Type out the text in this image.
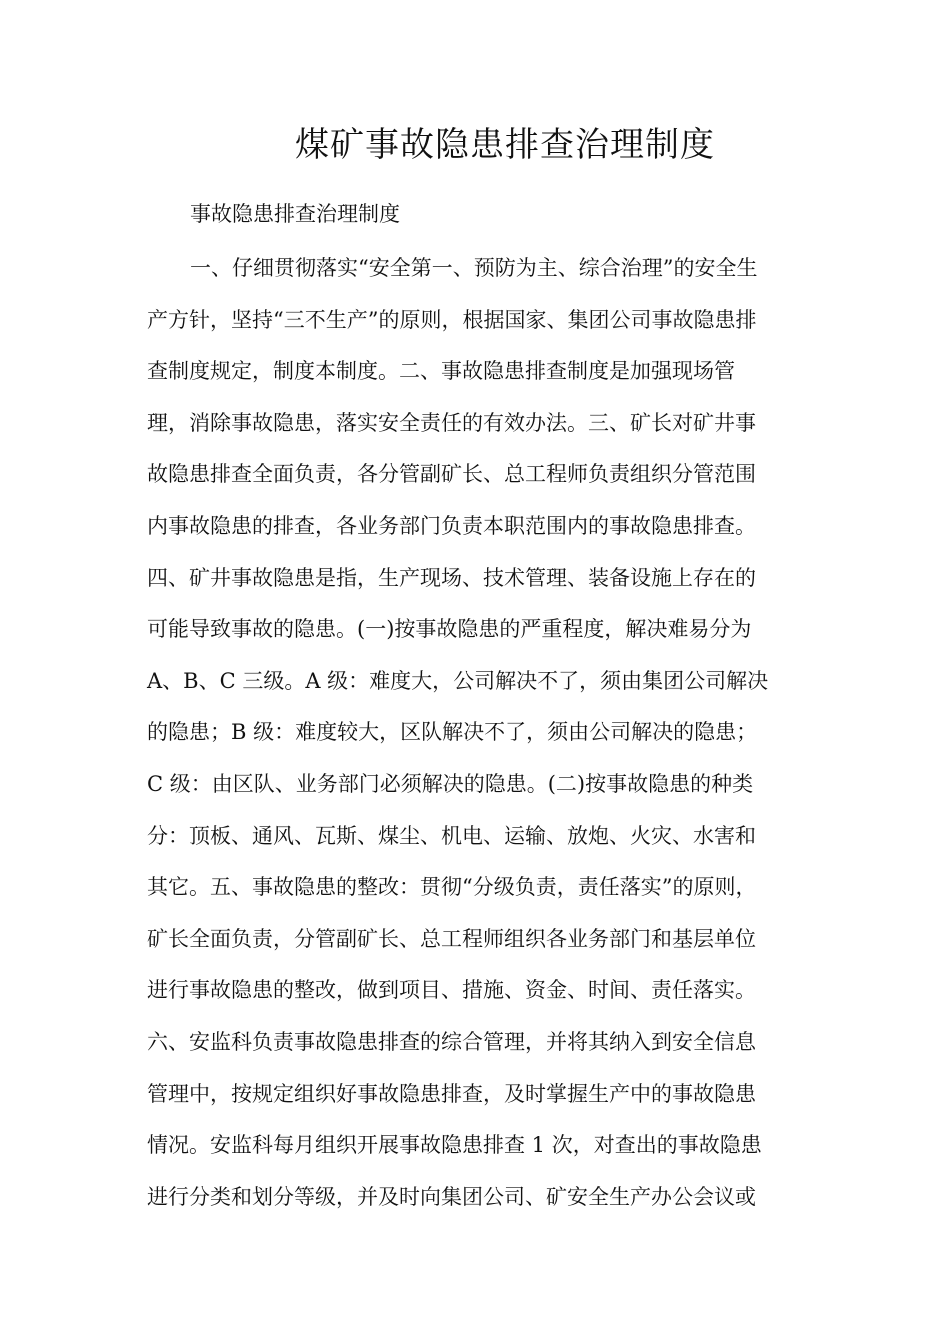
煤矿事故隐患排查治理制度

事故隐患排查治理制度

一、仔细贯彻落实“安全第一、预防为主、综合治理”的安全生
产方针，坚持“三不生产”的原则，根据国家、集团公司事故隐患排
查制度规定，制度本制度。二、事故隐患排查制度是加强现场管
理，消除事故隐患，落实安全责任的有效办法。三、矿长对矿井事
故隐患排查全面负责，各分管副矿长、总工程师负责组织分管范围
内事故隐患的排查，各业务部门负责本职范围内的事故隐患排查。
四、矿井事故隐患是指，生产现场、技术管理、装备设施上存在的
可能导致事故的隐患。(一)按事故隐患的严重程度，解决难易分为
A、B、C 三级。A 级：难度大，公司解决不了，须由集团公司解决
的隐患；B 级：难度较大，区队解决不了，须由公司解决的隐患；
C 级：由区队、业务部门必须解决的隐患。(二)按事故隐患的种类
分：顶板、通风、瓦斯、煤尘、机电、运输、放炮、火灾、水害和
其它。五、事故隐患的整改：贯彻“分级负责，责任落实”的原则，
矿长全面负责，分管副矿长、总工程师组织各业务部门和基层单位
进行事故隐患的整改，做到项目、措施、资金、时间、责任落实。
六、安监科负责事故隐患排查的综合管理，并将其纳入到安全信息
管理中，按规定组织好事故隐患排查，及时掌握生产中的事故隐患
情况。安监科每月组织开展事故隐患排查 1 次，对查出的事故隐患
进行分类和划分等级，并及时向集团公司、矿安全生产办公会议或
